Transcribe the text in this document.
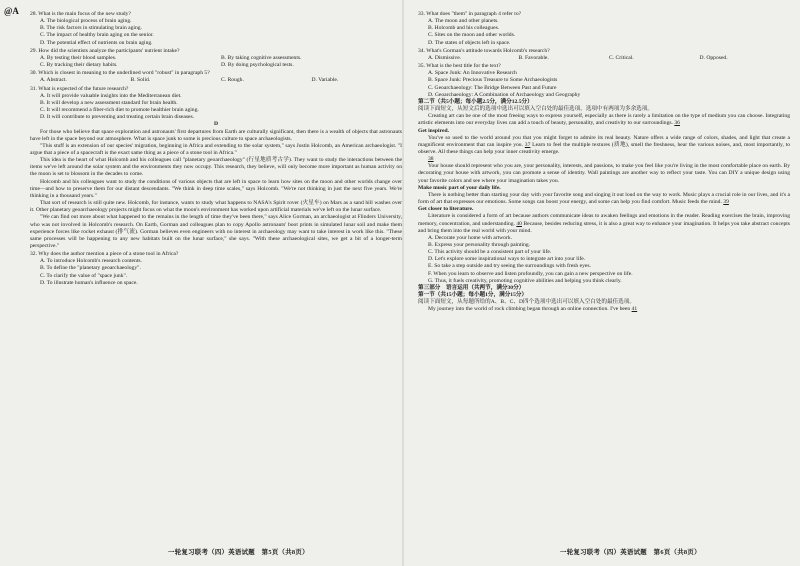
@A 28. What is the main focus of the new study?
A. The biological process of brain aging.
B. The risk factors in stimulating brain aging.
C. The impact of healthy brain aging on the senior.
D. The potential effect of nutrients on brain aging.
29. How did the scientists analyze the participants' nutrient intake?
A. By testing their blood samples.	B. By taking cognitive assessments.
C. By tracking their dietary habits.	D. By doing psychological tests.
30. Which is closest in meaning to the underlined word "robust" in paragraph 5?
A. Abstract.	B. Solid.	C. Rough.	D. Variable.
31. What is expected of the future research?
A. It will provide valuable insights into the Mediterranean diet.
B. It will develop a new assessment standard for brain health.
C. It will recommend a fiber-rich diet to promote healthier brain aging.
D. It will contribute to preventing and treating certain brain diseases.
D
For those who believe that space exploration and astronauts' first departures from Earth are culturally significant, then there is a wealth of objects that astronauts have left in the space beyond our atmosphere. What is space junk to some is precious culture to space archaeologists.
"This stuff is an extension of our species' migration, beginning in Africa and extending to the solar system," says Justin Holcomb, an American archaeologist. "I argue that a piece of a spacecraft is the exact same thing as a piece of a stone tool in Africa."
This idea is the heart of what Holcomb and his colleagues call "planetary geoarchaeology" (行星地质考古学). They want to study the interactions between the items we've left around the solar system and the environments they now occupy. This research, they believe, will only become more important as human activity on the moon is set to blossom in the decades to come.
Holcomb and his colleagues want to study the conditions of various objects that are left in space to learn how sites on the moon and other worlds change over time—and how to preserve them for our distant descendants. "We think in deep time scales," says Holcomb. "We're not thinking in just the next five years. We're thinking in a thousand years."
That sort of research is still quite new. Holcomb, for instance, wants to study what happens to NASA's Spirit rover (火星车) on Mars as a sand hill washes over it. Other planetary geoarchaeology projects might focus on what the moon's environment has worked upon artificial materials we've left on the lunar surface.
"We can find out more about what happened to the remains in the length of time they've been there," says Alice Gorman, an archaeologist at Flinders University, who was not involved in Holcomb's research. On Earth, Gorman and colleagues plan to copy Apollo astronauts' boot prints in simulated lunar soil and make them experience forces like rocket exhaust (排气流). Gorman believes even engineers with no interest in archaeology may want to take interest in work like this. "These same processes will be happening to any new habitats built on the lunar surface," she says. "With these archaeological sites, we get a bit of a longer-term perspective."
32. Why does the author mention a piece of a stone tool in Africa?
A. To introduce Holcomb's research contents.
B. To define the "planetary geoarchaeology".
C. To clarify the value of "space junk".
D. To illustrate human's influence on space.
33. What does "them" in paragraph 4 refer to?
A. The moon and other planets.
B. Holcomb and his colleagues.
C. Sites on the moon and other worlds.
D. The states of objects left in space.
34. What's Gorman's attitude towards Holcomb's research?
A. Dismissive.	B. Favorable.	C. Critical.	D. Opposed.
35. What is the best title for the text?
A. Space Junk: An Innovative Research
B. Space Junk: Precious Treasure to Some Archaeologists
C. Geoarchaeology: The Bridge Between Past and Future
D. Geoarchaeology: A Combination of Archaeology and Geography
第二节（共5小题；每小题2.5分，满分12.5分）
阅读下面短文，从短文后的选项中选出可以填入空白处的最佳选项。选项中有两项为多余选项。
Creating art can be one of the most freeing ways to express yourself, especially as there is rarely a limitation on the type of medium you can choose. Integrating artistic elements into our everyday lives can add a touch of beauty, personality, and creativity to our surroundings. 36
Get inspired.
You've so used to the world around you that you might forget to admire its real beauty. Nature offers a wide range of colors, shades, and light that create a magnificent environment that can inspire you. 37 Learn to feel the multiple textures (质地), smell the freshness, hear the various noises, and, most importantly, to observe. All these things can help your inner creativity emerge.
38
Your house should represent who you are, your personality, interests, and passions, to make you feel like you're living in the most comfortable place on earth. By decorating your house with artwork, you can promote a sense of identity. Wall paintings are another way to reflect your taste. You can DIY a unique design using your favorite colors and see where your imagination takes you.
Make music part of your daily life.
There is nothing better than starting your day with your favorite song and singing it out loud on the way to work. Music plays a crucial role in our lives, and it's a form of art that expresses our emotions. Some songs can boost your energy, and some can help you find comfort. Music feeds the mind. 39
Get closer to literature.
Literature is considered a form of art because authors communicate ideas to awaken feelings and emotions in the reader. Reading exercises the brain, improving memory, concentration, and understanding. 40 Because, besides reducing stress, it is also a great way to enhance your imagination. It helps you take abstract concepts and bring them into the real world with your mind.
A. Decorate your home with artwork.
B. Express your personality through painting.
C. This activity should be a consistent part of your life.
D. Let's explore some inspirational ways to integrate art into your life.
E. So take a step outside and try seeing the surroundings with fresh eyes.
F. When you learn to observe and listen profoundly, you can gain a new perspective on life.
G. Thus, it fuels creativity, promoting cognitive abilities and helping you think clearly.
第三部分　语言运用（共两节，满分30分）
第一节（共15小题；每小题1分，满分15分）
阅读下面短文，从每题所给的A、B、C、D四个选项中选出可以填入空白处的最佳选项。
My journey into the world of rock climbing began through an online connection. I've been 41
一轮复习联考（四）英语试题　第5页（共8页）	一轮复习联考（四）英语试题　第6页（共8页）
